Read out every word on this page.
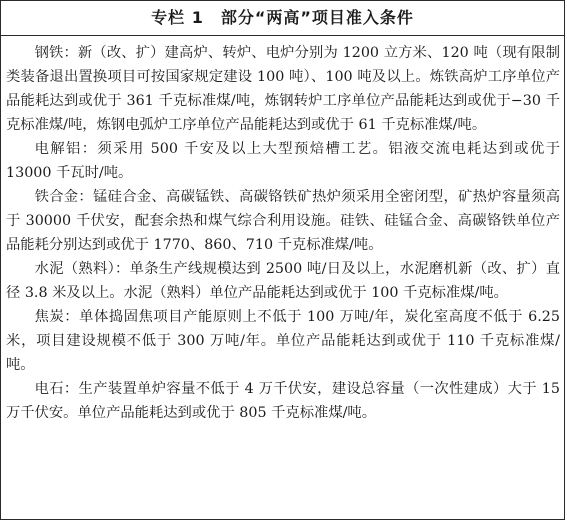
专栏 1　部分“两高”项目准入条件

钢铁：新（改、扩）建高炉、转炉、电炉分别为 1200 立方米、120 吨（现有限制类装备退出置换项目可按国家规定建设 100 吨）、100 吨及以上。炼铁高炉工序单位产品能耗达到或优于 361 千克标准煤/吨，炼钢转炉工序单位产品能耗达到或优于−30 千克标准煤/吨，炼钢电弧炉工序单位产品能耗达到或优于 61 千克标准煤/吨。

电解铝：须采用 500 千安及以上大型预焙槽工艺。铝液交流电耗达到或优于 13000 千瓦时/吨。

铁合金：锰硅合金、高碳锰铁、高碳铬铁矿热炉须采用全密闭型，矿热炉容量须高于 30000 千伏安，配套余热和煤气综合利用设施。硅铁、硅锰合金、高碳铬铁单位产品能耗分别达到或优于 1770、860、710 千克标准煤/吨。

水泥（熟料）：单条生产线规模达到 2500 吨/日及以上，水泥磨机新（改、扩）直径 3.8 米及以上。水泥（熟料）单位产品能耗达到或优于 100 千克标准煤/吨。

焦炭：单体捣固焦项目产能原则上不低于 100 万吨/年，炭化室高度不低于 6.25 米，项目建设规模不低于 300 万吨/年。单位产品能耗达到或优于 110 千克标准煤/吨。

电石：生产装置单炉容量不低于 4 万千伏安，建设总容量（一次性建成）大于 15 万千伏安。单位产品能耗达到或优于 805 千克标准煤/吨。
